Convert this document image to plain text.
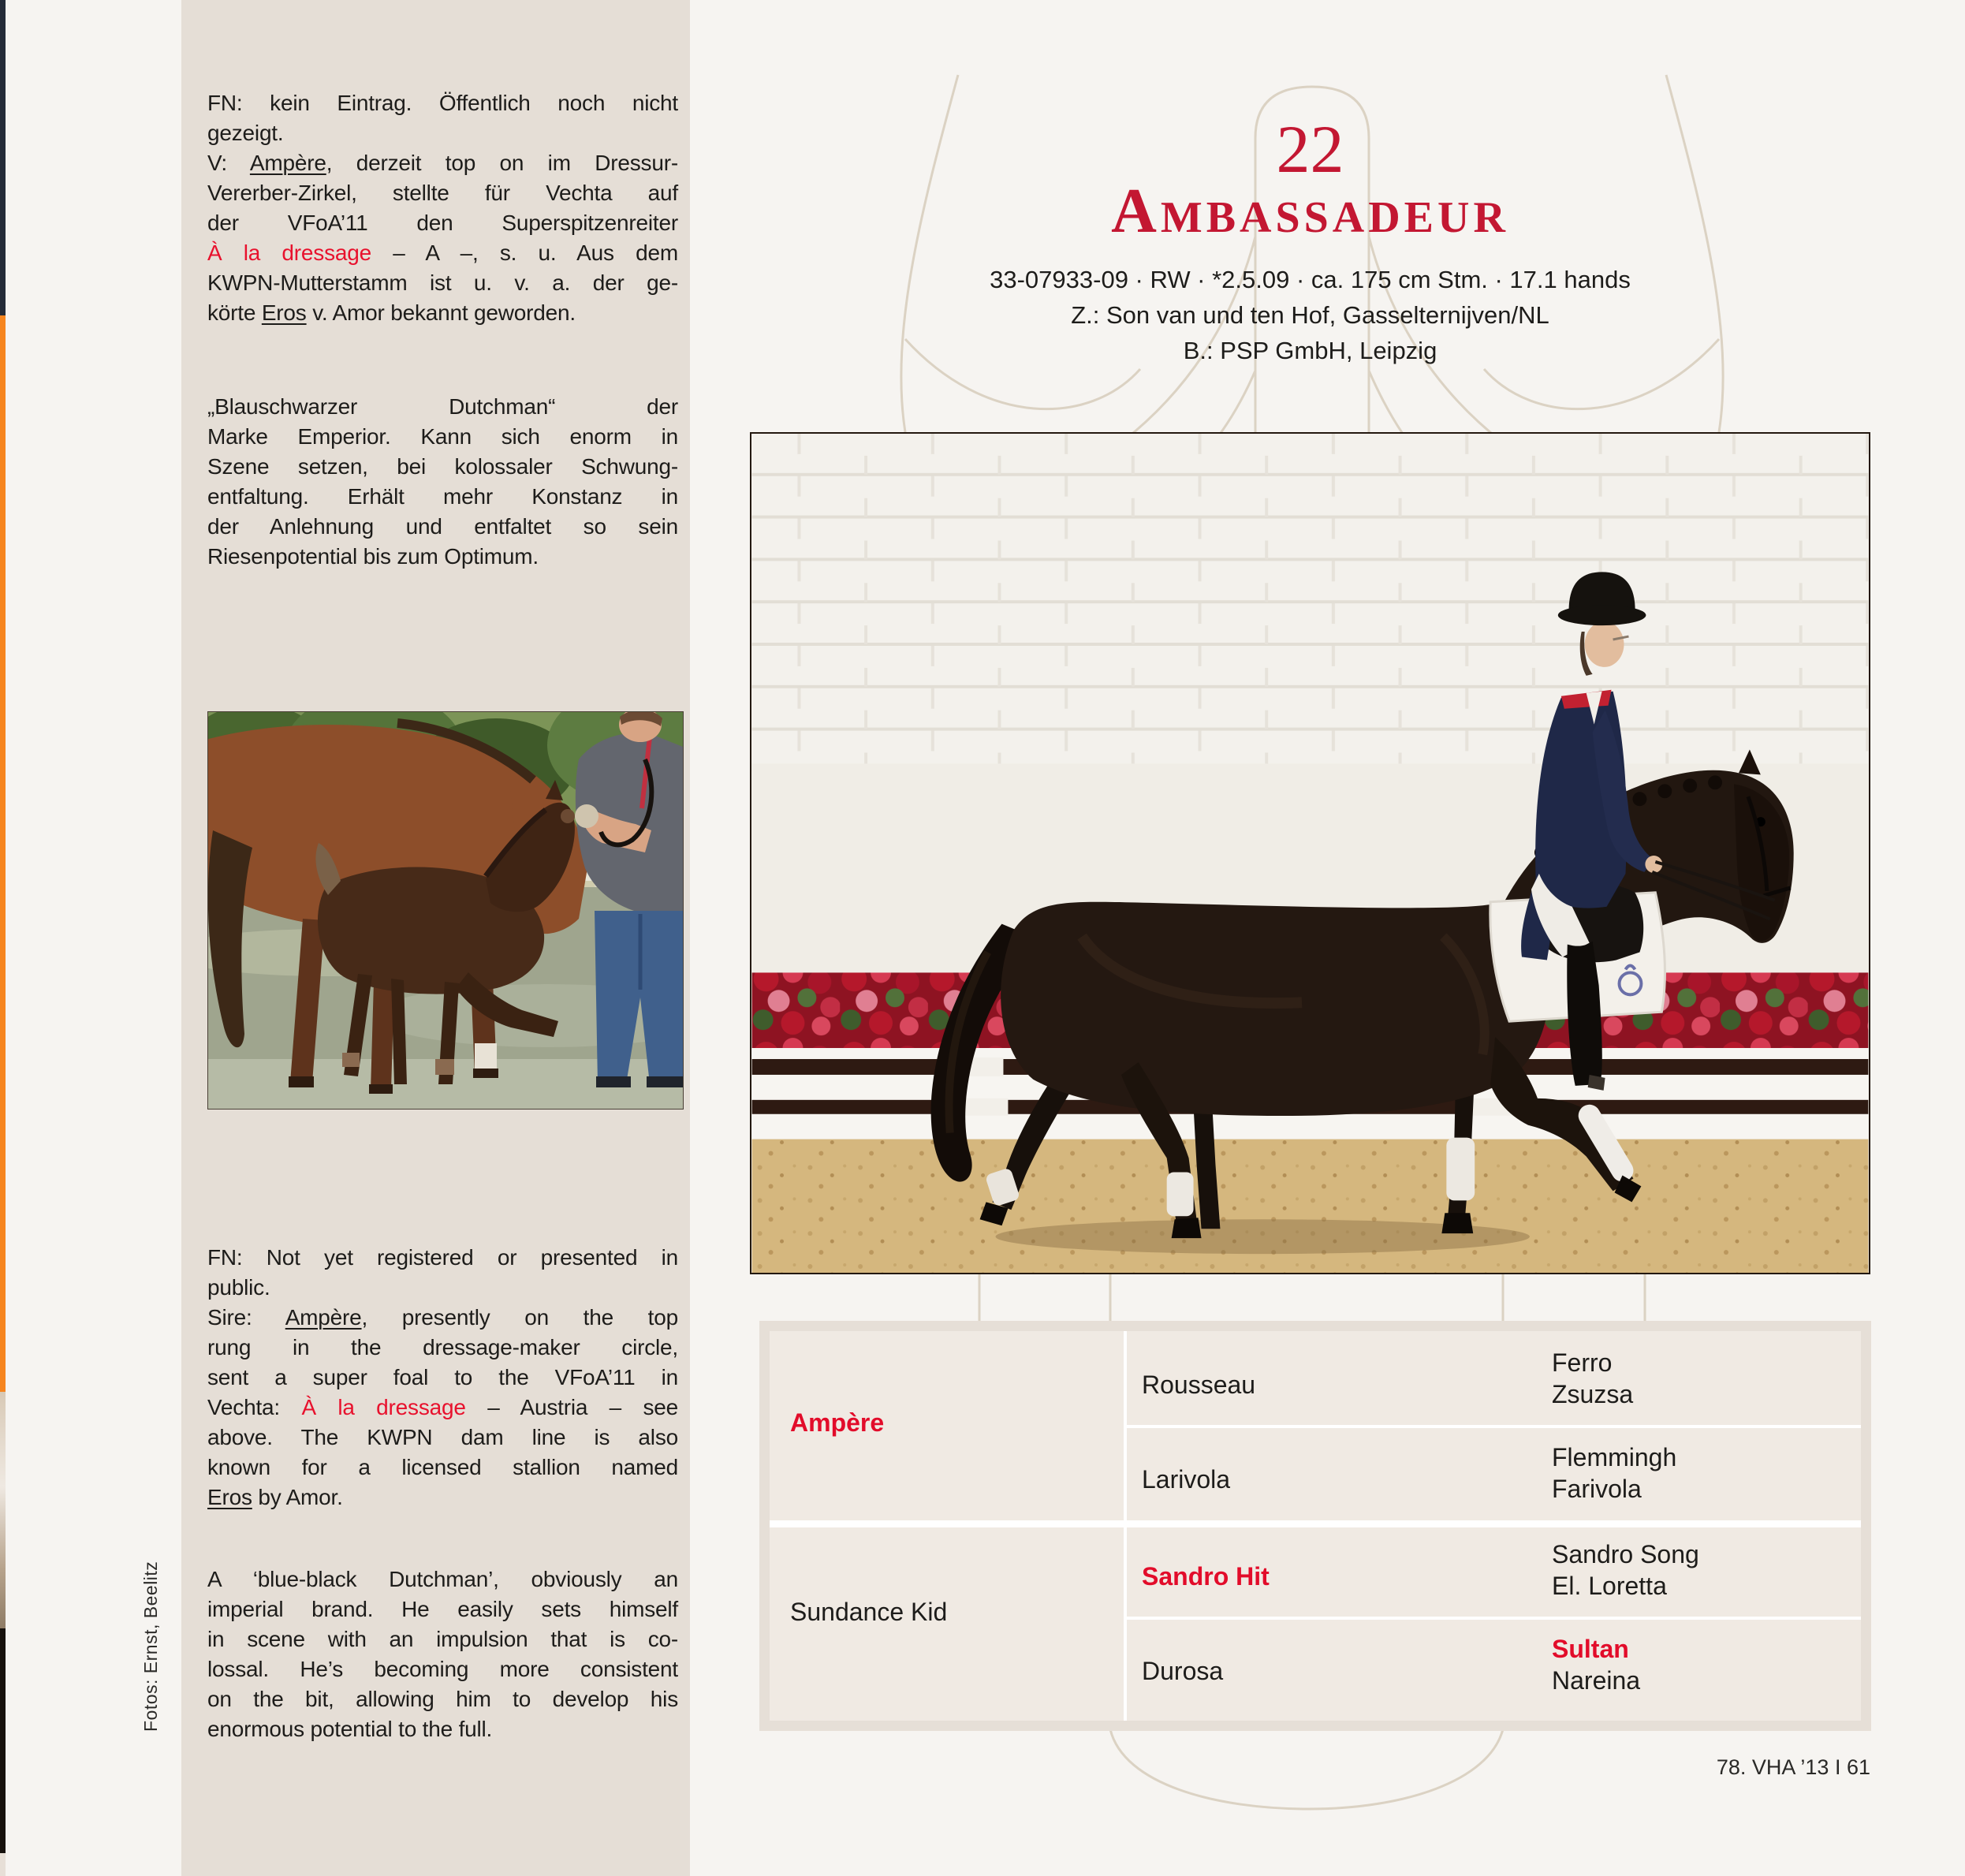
FN: kein Eintrag. Öffentlich noch nicht
gezeigt.
V: Ampère, derzeit top on im Dressur-
Vererber-Zirkel, stellte für Vechta auf
der VFoA’11 den Superspitzenreiter
À la dressage – A –, s. u. Aus dem
KWPN-Mutterstamm ist u. v. a. der ge-
körte Eros v. Amor bekannt geworden.
„Blauschwarzer Dutchman“ der
Marke Emperior. Kann sich enorm in
Szene setzen, bei kolossaler Schwung-
entfaltung. Erhält mehr Konstanz in
der Anlehnung und entfaltet so sein
Riesenpotential bis zum Optimum.
FN: Not yet registered or presented in
public.
Sire: Ampère, presently on the top
rung in the dressage-maker circle,
sent a super foal to the VFoA’11 in
Vechta: À la dressage – Austria – see
above. The KWPN dam line is also
known for a licensed stallion named
Eros by Amor.
A ‘blue-black Dutchman’, obviously an
imperial brand. He easily sets himself
in scene with an impulsion that is co-
lossal. He’s becoming more consistent
on the bit, allowing him to develop his
enormous potential to the full.
Fotos: Ernst, Beelitz
22
Ambassadeur
33-07933-09 · RW · *2.5.09 · ca. 175 cm Stm. · 17.1 hands
Z.: Son van und ten Hof, Gasselternijven/NL
B.: PSP GmbH, Leipzig
Ampère
Rousseau
Ferro
Zsuzsa
Larivola
Flemmingh
Farivola
Sundance Kid
Sandro Hit
Sandro Song
El. Loretta
Durosa
Sultan
Nareina
78. VHA ’13 I 61
